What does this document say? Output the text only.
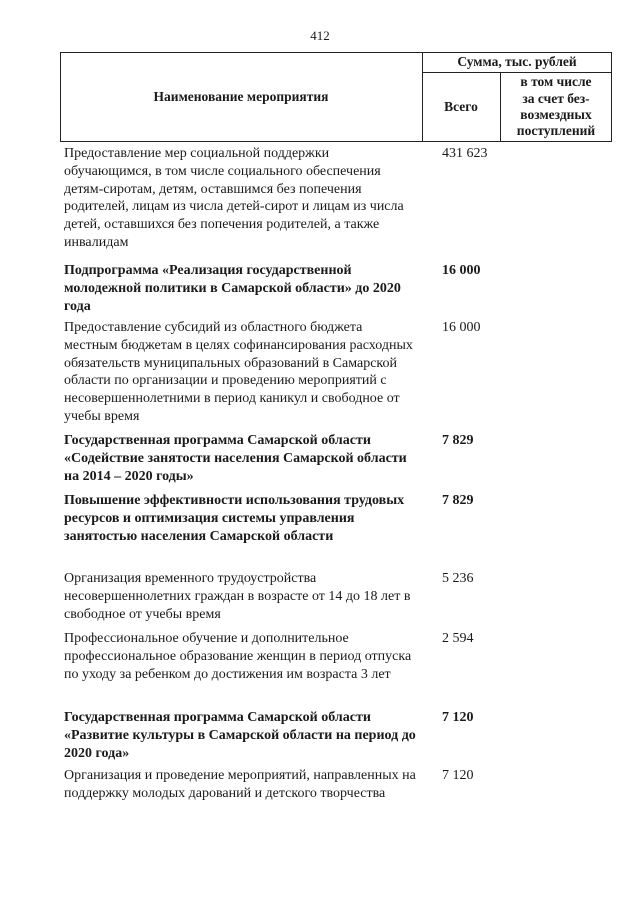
412
Наименование мероприятия
Сумма, тыс. рублей
Всего
в том числе
за счет без-
возмездных
поступлений
Предоставление мер социальной поддержки обучающимся, в том числе социального обеспечения детям-сиротам, детям, оставшимся без попечения родителей, лицам из числа детей-сирот и лицам из числа детей, оставшихся без попечения родителей, а также инвалидам
431 623
Подпрограмма «Реализация государственной молодежной политики в Самарской области» до 2020 года
16 000
Предоставление субсидий из областного бюджета местным бюджетам в целях софинансирования расходных обязательств муниципальных образований в Самарской области по организации и проведению мероприятий с несовершеннолетними в период каникул и свободное от учебы время
16 000
Государственная программа Самарской области «Содействие занятости населения Самарской области на 2014 – 2020 годы»
7 829
Повышение эффективности использования трудовых ресурсов и оптимизация системы управления занятостью населения Самарской области
7 829
Организация временного трудоустройства несовершеннолетних граждан в возрасте от 14 до 18 лет в свободное от учебы время
5 236
Профессиональное обучение и дополнительное профессиональное образование женщин в период отпуска по уходу за ребенком до достижения им возраста 3 лет
2 594
Государственная программа Самарской области «Развитие культуры в Самарской области на период до 2020 года»
7 120
Организация и проведение мероприятий, направленных на поддержку молодых дарований и детского творчества
7 120
